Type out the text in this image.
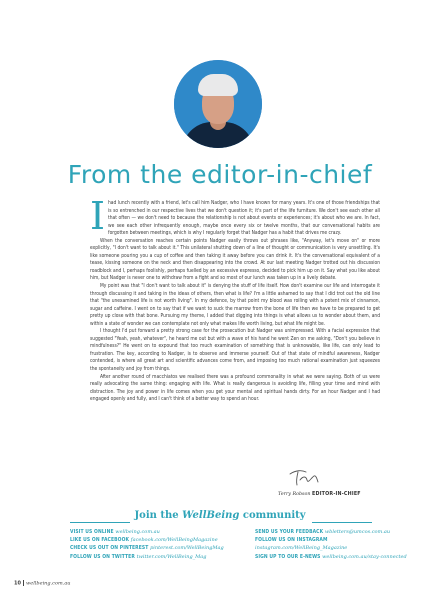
From the editor-in-chief
I had lunch recently with a friend, let's call him Nadger, who I have known for many years. It's one of those friendships that is so entrenched in our respective lives that we don't question it; it's part of the life furniture. We don't see each other all that often — we don't need to because the relationship is not about events or experiences; it's about who we are. In fact, we see each other infrequently enough, maybe once every six or twelve months, that our conversational habits are forgotten between meetings, which is why I regularly forget that Nadger has a habit that drives me crazy.

When the conversation reaches certain points Nadger easily throws out phrases like, "Anyway, let's move on" or more explicitly, "I don't want to talk about it." This unilateral shutting down of a line of thought or communication is very unsettling. It's like someone pouring you a cup of coffee and then taking it away before you can drink it. It's the conversational equivalent of a tease, kissing someone on the neck and then disappearing into the crowd. At our last meeting Nadger trotted out his discussion roadblock and I, perhaps foolishly, perhaps fuelled by an excessive espresso, decided to pick him up on it. Say what you like about him, but Nadger is never one to withdraw from a fight and so most of our lunch was taken up in a lively debate.

My point was that "I don't want to talk about it" is denying the stuff of life itself. How don't examine our life and interrogate it through discussing it and taking in the ideas of others, then what is life? I'm a little ashamed to say that I did trot out the old line that "the unexamined life is not worth living". In my defence, by that point my blood was roiling with a potent mix of cinnamon, sugar and caffeine. I went on to say that if we want to suck the marrow from the bone of life then we have to be prepared to get pretty up close with that bone. Pursuing my theme, I added that digging into things is what allows us to wonder about them, and within a state of wonder we can contemplate not only what makes life worth living, but what life might be.

I thought I'd put forward a pretty strong case for the prosecution but Nadger was unimpressed. With a facial expression that suggested "Yeah, yeah, whatever", he heard me out but with a wave of his hand he went Zen on me asking, "Don't you believe in mindfulness?" He went on to expound that too much examination of something that is unknowable, like life, can only lead to frustration. The key, according to Nadger, is to observe and immerse yourself. Out of that state of mindful awareness, Nadger contended, is where all great art and scientific advances come from, and imposing too much rational examination just squeezes the spontaneity and joy from things.

After another round of macchiatos we realised there was a profound commonality in what we were saying. Both of us were really advocating the same thing: engaging with life. What is really dangerous is avoiding life, filling your time and mind with distraction. The joy and power in life comes when you get your mental and spiritual hands dirty. For an hour Nadger and I had engaged openly and fully, and I can't think of a better way to spend an hour.

Terry Robson EDITOR-IN-CHIEF
Join the WellBeing community
VISIT US ONLINE wellbeing.com.au
LIKE US ON FACEBOOK facebook.com/WellBeingMagazine
CHECK US OUT ON PINTEREST pinterest.com/WellBeingMag
FOLLOW US ON TWITTER twitter.com/WellBeing_Mag
SEND US YOUR FEEDBACK wbletters@umcos.com.au
FOLLOW US ON INSTAGRAM
instagram.com/WellBeing_Magazine
SIGN UP TO OUR E-NEWS wellbeing.com.au/stay-connected
10 wellbeing.com.au
